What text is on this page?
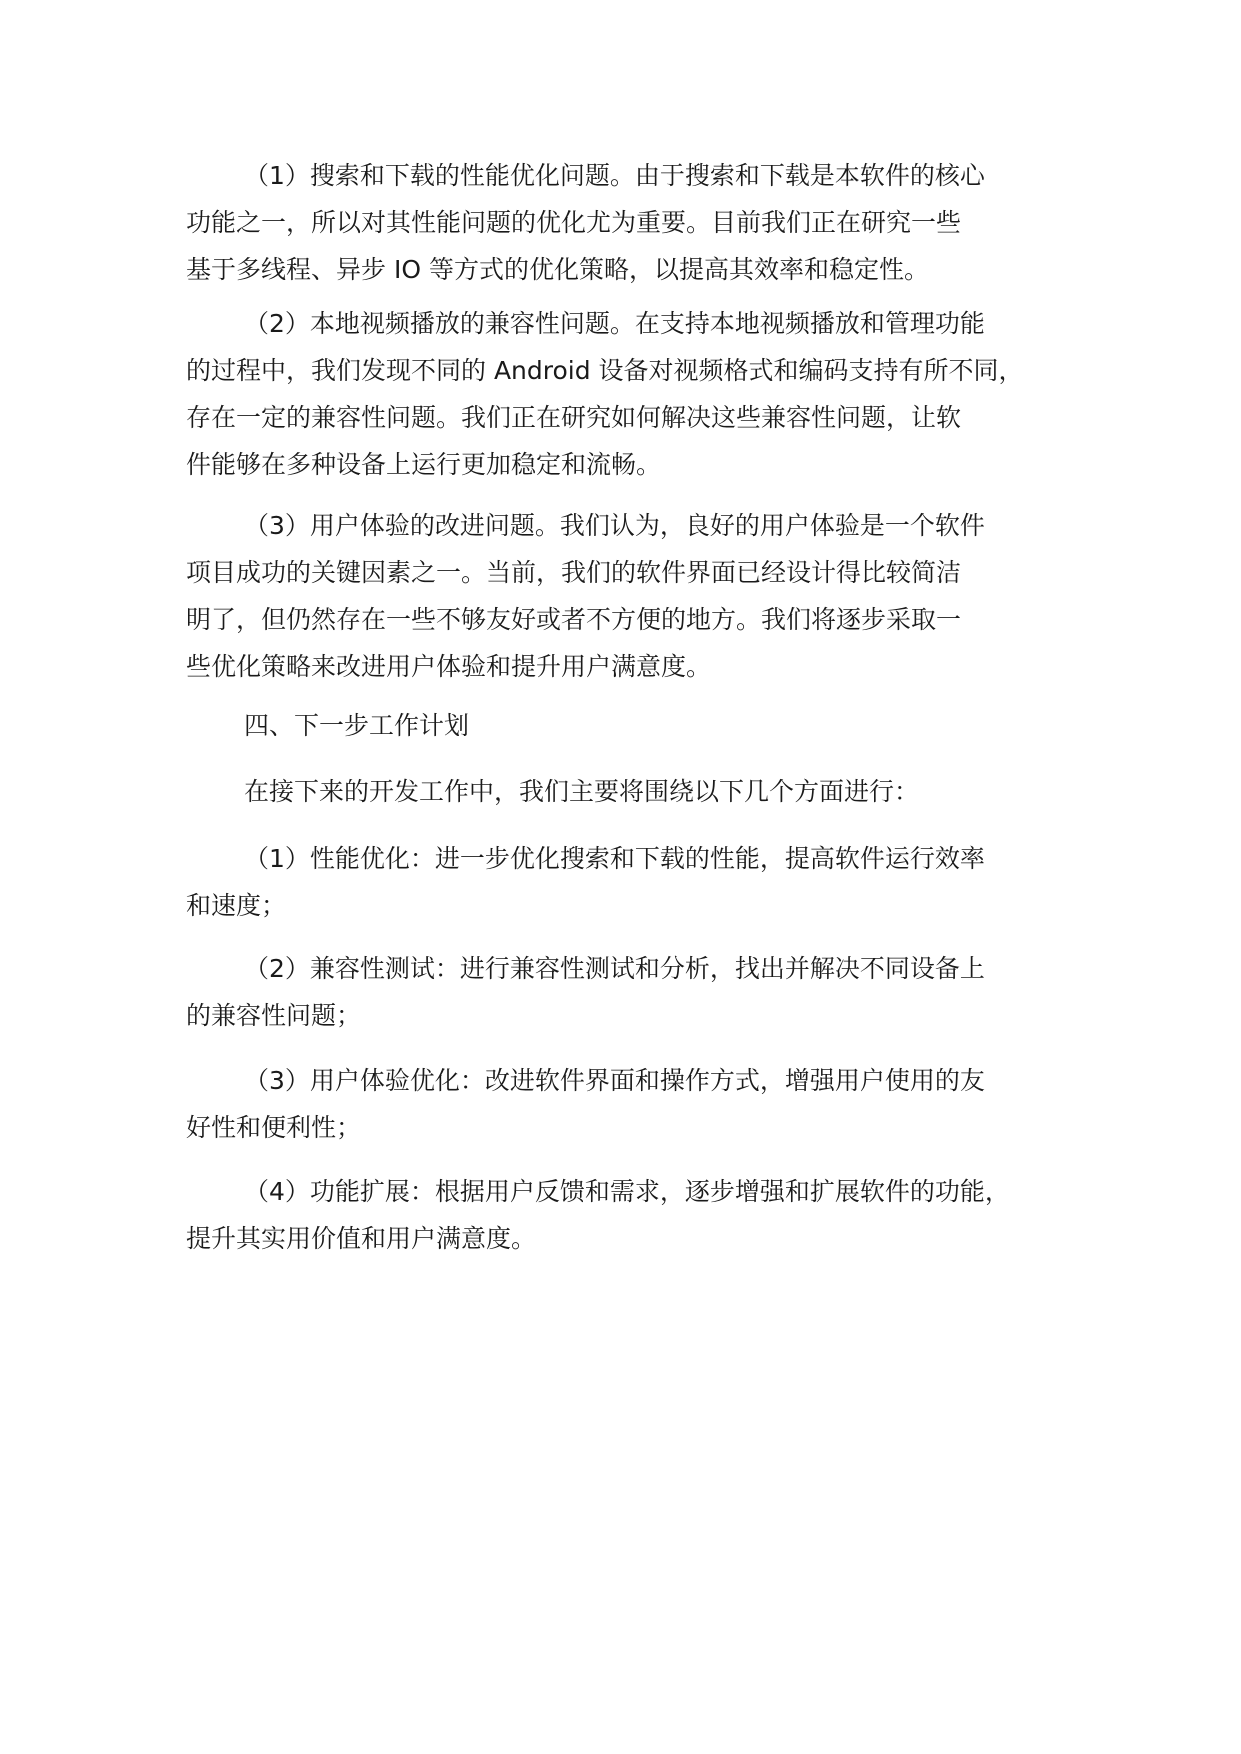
（1）搜索和下载的性能优化问题。由于搜索和下载是本软件的核心
功能之一，所以对其性能问题的优化尤为重要。目前我们正在研究一些
基于多线程、异步 IO 等方式的优化策略，以提高其效率和稳定性。

（2）本地视频播放的兼容性问题。在支持本地视频播放和管理功能
的过程中，我们发现不同的 Android 设备对视频格式和编码支持有所不同，
存在一定的兼容性问题。我们正在研究如何解决这些兼容性问题，让软
件能够在多种设备上运行更加稳定和流畅。

（3）用户体验的改进问题。我们认为，良好的用户体验是一个软件
项目成功的关键因素之一。当前，我们的软件界面已经设计得比较简洁
明了，但仍然存在一些不够友好或者不方便的地方。我们将逐步采取一
些优化策略来改进用户体验和提升用户满意度。

四、下一步工作计划

在接下来的开发工作中，我们主要将围绕以下几个方面进行：

（1）性能优化：进一步优化搜索和下载的性能，提高软件运行效率
和速度；

（2）兼容性测试：进行兼容性测试和分析，找出并解决不同设备上
的兼容性问题；

（3）用户体验优化：改进软件界面和操作方式，增强用户使用的友
好性和便利性；

（4）功能扩展：根据用户反馈和需求，逐步增强和扩展软件的功能，
提升其实用价值和用户满意度。
